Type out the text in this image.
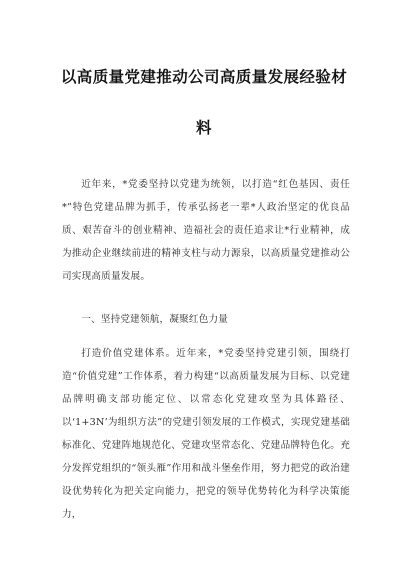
以高质量党建推动公司高质量发展经验材
料

近年来，*党委坚持以党建为统领，以打造“红色基因、责任*”特色党建品牌为抓手，传承弘扬老一辈*人政治坚定的优良品质、艰苦奋斗的创业精神、造福社会的责任追求让*行业精神，成为推动企业继续前进的精神支柱与动力源泉，以高质量党建推动公司实现高质量发展。

一、坚持党建领航，凝聚红色力量

打造价值党建体系。近年来，*党委坚持党建引领，围绕打造“价值党建”工作体系，着力构建“以高质量发展为目标、以党建品牌明确支部功能定位、以常态化党建攻坚为具体路径、以‘1+3N’为组织方法”的党建引领发展的工作模式，实现党建基础标准化、党建阵地规范化、党建攻坚常态化、党建品牌特色化。充分发挥党组织的“领头雁”作用和战斗堡垒作用，努力把党的政治建设优势转化为把关定向能力，把党的领导优势转化为科学决策能力，
